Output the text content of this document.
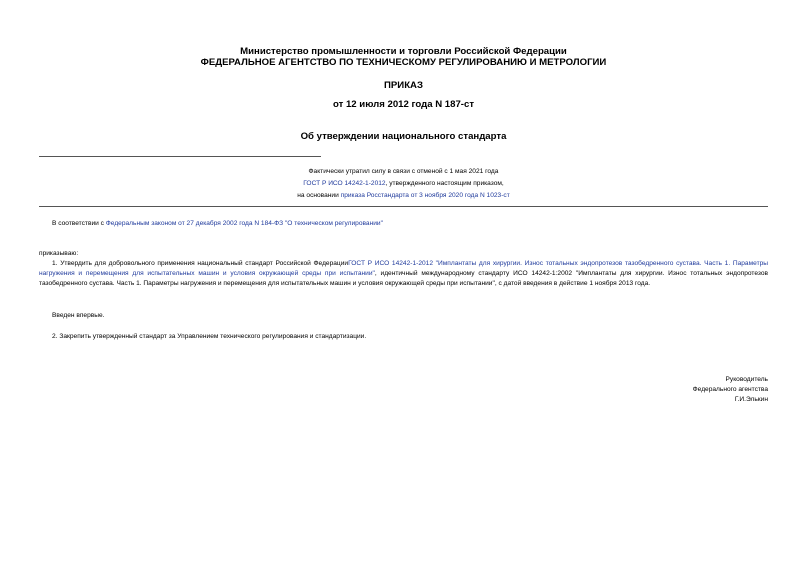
Министерство промышленности и торговли Российской Федерации
ФЕДЕРАЛЬНОЕ АГЕНТСТВО ПО ТЕХНИЧЕСКОМУ РЕГУЛИРОВАНИЮ И МЕТРОЛОГИИ
ПРИКАЗ
от 12 июля 2012 года N 187-ст
Об утверждении национального стандарта
Фактически утратил силу в связи с отменой с 1 мая 2021 года
ГОСТ Р ИСО 14242-1-2012, утвержденного настоящим приказом,
на основании приказа Росстандарта от 3 ноября 2020 года N 1023-ст
В соответствии с Федеральным законом от 27 декабря 2002 года N 184-ФЗ "О техническом регулировании"
приказываю:
1. Утвердить для добровольного применения национальный стандарт Российской ФедерацииГОСТ Р ИСО 14242-1-2012 "Имплантаты для хирургии. Износ тотальных эндопротезов тазобедренного сустава. Часть 1. Параметры нагружения и перемещения для испытательных машин и условия окружающей среды при испытании", идентичный международному стандарту ИСО 14242-1:2002 "Имплантаты для хирургии. Износ тотальных эндопротезов тазобедренного сустава. Часть 1. Параметры нагружения и перемещения для испытательных машин и условия окружающей среды при испытании", с датой введения в действие 1 ноября 2013 года.
Введен впервые.
2. Закрепить утвержденный стандарт за Управлением технического регулирования и стандартизации.
Руководитель
Федерального агентства
Г.И.Элькин
